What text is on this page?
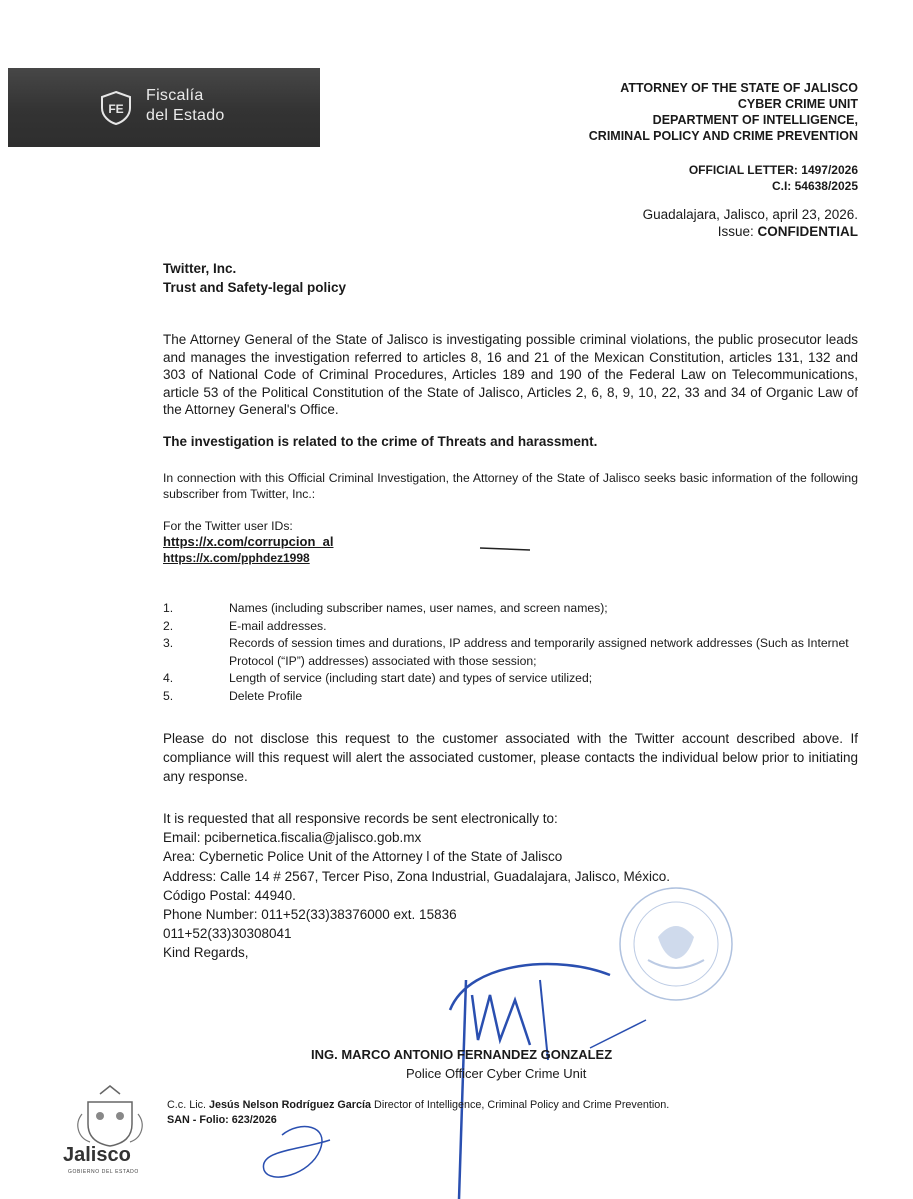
FE
Fiscalía
del Estado
ATTORNEY OF THE STATE OF JALISCO
CYBER CRIME UNIT
DEPARTMENT OF INTELLIGENCE,
CRIMINAL POLICY AND CRIME PREVENTION
OFFICIAL LETTER: 1497/2026
C.I: 54638/2025
Guadalajara, Jalisco, april 23, 2026.
Issue: CONFIDENTIAL
Twitter, Inc.
Trust and Safety-legal policy
The Attorney General of the State of Jalisco is investigating possible criminal violations, the public prosecutor leads and manages the investigation referred to articles 8, 16 and 21 of the Mexican Constitution, articles 131, 132 and 303 of National Code of Criminal Procedures, Articles 189 and 190 of the Federal Law on Telecommunications, article 53 of the Political Constitution of the State of Jalisco, Articles 2, 6, 8, 9, 10, 22, 33 and 34 of Organic Law of the Attorney General's Office.
The investigation is related to the crime of Threats and harassment.
In connection with this Official Criminal Investigation, the Attorney of the State of Jalisco seeks basic information of the following subscriber from Twitter, Inc.:
For the Twitter user IDs:
https://x.com/corrupcion_al
https://x.com/pphdez1998
1.	Names (including subscriber names, user names, and screen names);
2.	E-mail addresses.
3.	Records of session times and durations, IP address and temporarily assigned network addresses (Such as Internet Protocol (“IP”) addresses) associated with those session;
4.	Length of service (including start date) and types of service utilized;
5.	Delete Profile
Please do not disclose this request to the customer associated with the Twitter account described above. If compliance will this request will alert the associated customer, please contacts the individual below prior to initiating any response.
It is requested that all responsive records be sent electronically to:
Email: pcibernetica.fiscalia@jalisco.gob.mx
Area: Cybernetic Police Unit of the Attorney l of the State of Jalisco
Address: Calle 14 # 2567, Tercer Piso, Zona Industrial, Guadalajara, Jalisco, México.
Código Postal: 44940.
Phone Number: 011+52(33)38376000 ext. 15836
011+52(33)30308041
Kind Regards,
ING. MARCO ANTONIO FERNANDEZ GONZALEZ
Police Officer Cyber Crime Unit
C.c. Lic. Jesús Nelson Rodríguez García Director of Intelligence, Criminal Policy and Crime Prevention.
SAN - Folio: 623/2026
Jalisco
GOBIERNO DEL ESTADO
